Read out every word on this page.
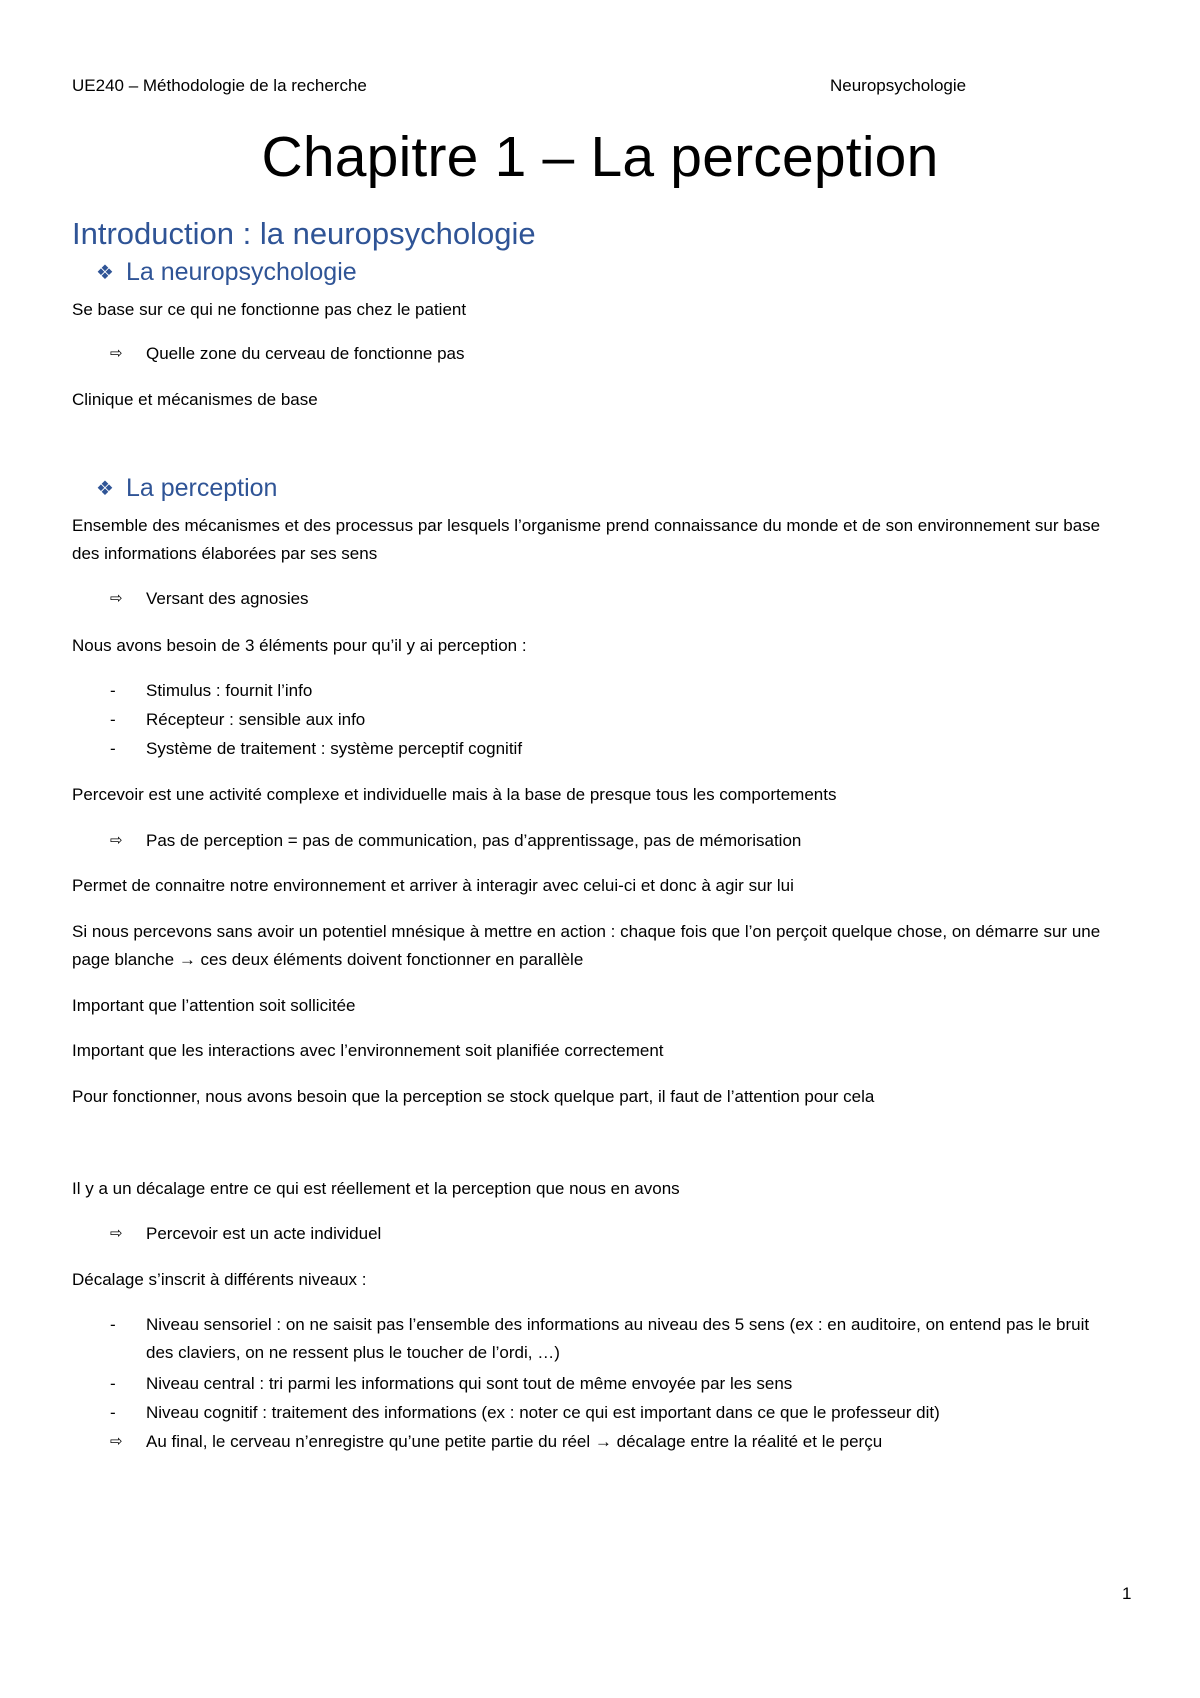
UE240 – Méthodologie de la recherche	Neuropsychologie
Chapitre 1 – La perception
Introduction : la neuropsychologie
❖ La neuropsychologie

Se base sur ce qui ne fonctionne pas chez le patient

⇨	Quelle zone du cerveau de fonctionne pas

Clinique et mécanismes de base

❖ La perception

Ensemble des mécanismes et des processus par lesquels l’organisme prend connaissance du monde et de son environnement sur base des informations élaborées par ses sens

⇨	Versant des agnosies

Nous avons besoin de 3 éléments pour qu’il y ai perception :

-	Stimulus : fournit l’info
-	Récepteur : sensible aux info
-	Système de traitement : système perceptif cognitif

Percevoir est une activité complexe et individuelle mais à la base de presque tous les comportements

⇨	Pas de perception = pas de communication, pas d’apprentissage, pas de mémorisation

Permet de connaitre notre environnement et arriver à interagir avec celui-ci et donc à agir sur lui

Si nous percevons sans avoir un potentiel mnésique à mettre en action : chaque fois que l’on perçoit quelque chose, on démarre sur une page blanche → ces deux éléments doivent fonctionner en parallèle

Important que l’attention soit sollicitée

Important que les interactions avec l’environnement soit planifiée correctement

Pour fonctionner, nous avons besoin que la perception se stock quelque part, il faut de l’attention pour cela

Il y a un décalage entre ce qui est réellement et la perception que nous en avons

⇨	Percevoir est un acte individuel

Décalage s’inscrit à différents niveaux :

-	Niveau sensoriel : on ne saisit pas l’ensemble des informations au niveau des 5 sens (ex : en auditoire, on entend pas le bruit des claviers, on ne ressent plus le toucher de l’ordi, …)
-	Niveau central : tri parmi les informations qui sont tout de même envoyée par les sens
-	Niveau cognitif : traitement des informations (ex : noter ce qui est important dans ce que le professeur dit)
⇨	Au final, le cerveau n’enregistre qu’une petite partie du réel → décalage entre la réalité et le perçu
1
